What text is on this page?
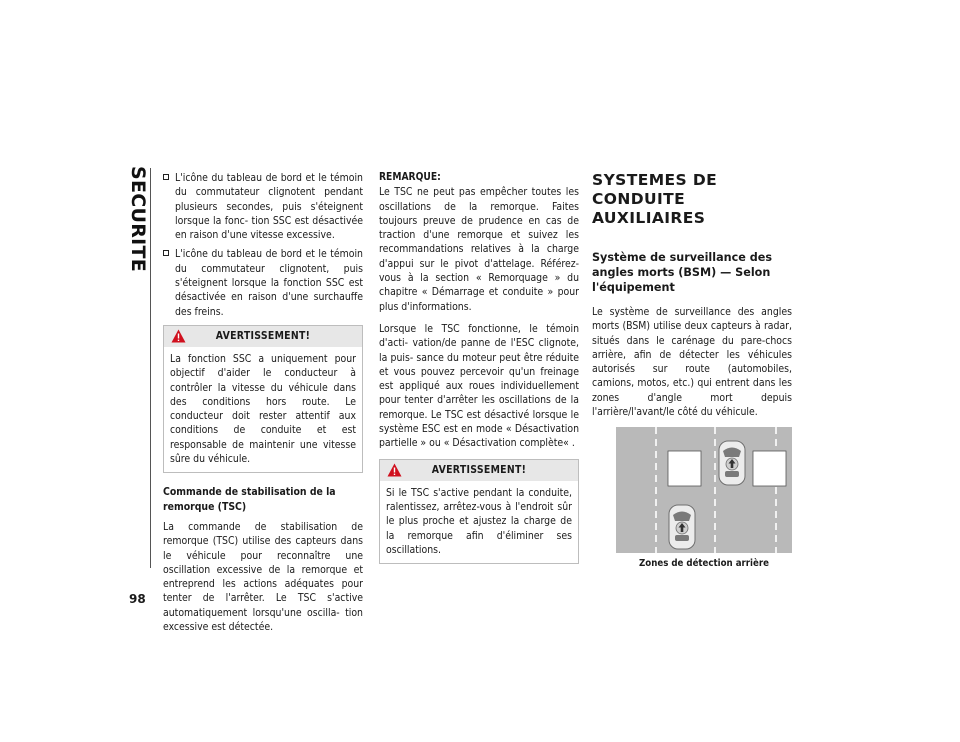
SECURITE
98
L'icône du tableau de bord et le témoin du commutateur clignotent pendant plusieurs secondes, puis s'éteignent lorsque la fonc- tion SSC est désactivée en raison d'une vitesse excessive.
L'icône du tableau de bord et le témoin du commutateur clignotent, puis s'éteignent lorsque la fonction SSC est désactivée en raison d'une surchauffe des freins.
AVERTISSEMENT!
La fonction SSC a uniquement pour objectif d'aider le conducteur à contrôler la vitesse du véhicule dans des conditions hors route. Le conducteur doit rester attentif aux conditions de conduite et est responsable de maintenir une vitesse sûre du véhicule.
Commande de stabilisation de la remorque (TSC)

La commande de stabilisation de remorque (TSC) utilise des capteurs dans le véhicule pour reconnaître une oscillation excessive de la remorque et entreprend les actions adéquates pour tenter de l'arrêter. Le TSC s'active automatiquement lorsqu'une oscilla- tion excessive est détectée.

REMARQUE:

Le TSC ne peut pas empêcher toutes les oscillations de la remorque. Faites toujours preuve de prudence en cas de traction d'une remorque et suivez les recommandations relatives à la charge d'appui sur le pivot d'attelage. Référez-vous à la section « Remorquage » du chapitre « Démarrage et conduite » pour plus d'informations.

Lorsque le TSC fonctionne, le témoin d'acti- vation/de panne de l'ESC clignote, la puis- sance du moteur peut être réduite et vous pouvez percevoir qu'un freinage est appliqué aux roues individuellement pour tenter d'arrêter les oscillations de la remorque. Le TSC est désactivé lorsque le système ESC est en mode « Désactivation partielle » ou « Désactivation complète« .

AVERTISSEMENT!
Si le TSC s'active pendant la conduite, ralentissez, arrêtez-vous à l'endroit sûr le plus proche et ajustez la charge de la remorque afin d'éliminer ses oscillations.
SYSTEMES DE CONDUITE AUXILIAIRES
Système de surveillance des angles morts (BSM) — Selon l'équipement

Le système de surveillance des angles morts (BSM) utilise deux capteurs à radar, situés dans le carénage du pare-chocs arrière, afin de détecter les véhicules autorisés sur route (automobiles, camions, motos, etc.) qui entrent dans les zones d'angle mort depuis l'arrière/l'avant/le côté du véhicule.

Zones de détection arrière
